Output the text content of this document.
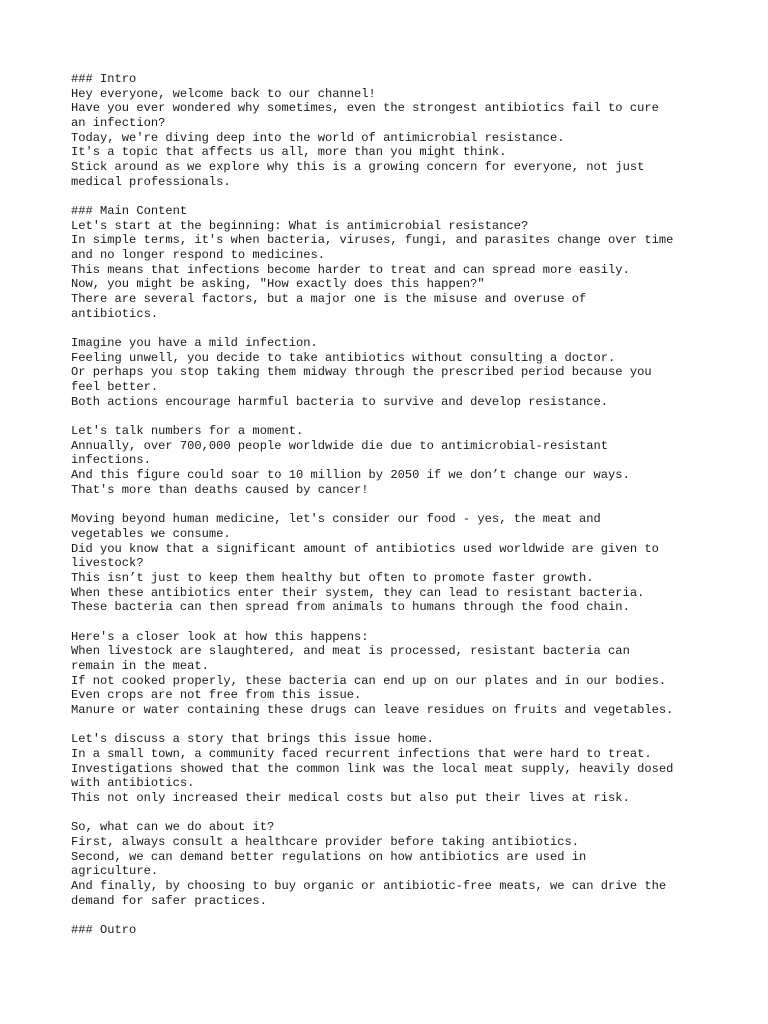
### Intro
Hey everyone, welcome back to our channel!
Have you ever wondered why sometimes, even the strongest antibiotics fail to cure
an infection?
Today, we're diving deep into the world of antimicrobial resistance.
It's a topic that affects us all, more than you might think.
Stick around as we explore why this is a growing concern for everyone, not just
medical professionals.
### Main Content
Let's start at the beginning: What is antimicrobial resistance?
In simple terms, it's when bacteria, viruses, fungi, and parasites change over time
and no longer respond to medicines.
This means that infections become harder to treat and can spread more easily.
Now, you might be asking, "How exactly does this happen?"
There are several factors, but a major one is the misuse and overuse of
antibiotics.
Imagine you have a mild infection.
Feeling unwell, you decide to take antibiotics without consulting a doctor.
Or perhaps you stop taking them midway through the prescribed period because you
feel better.
Both actions encourage harmful bacteria to survive and develop resistance.
Let's talk numbers for a moment.
Annually, over 700,000 people worldwide die due to antimicrobial-resistant
infections.
And this figure could soar to 10 million by 2050 if we don’t change our ways.
That's more than deaths caused by cancer!
Moving beyond human medicine, let's consider our food - yes, the meat and
vegetables we consume.
Did you know that a significant amount of antibiotics used worldwide are given to
livestock?
This isn’t just to keep them healthy but often to promote faster growth.
When these antibiotics enter their system, they can lead to resistant bacteria.
These bacteria can then spread from animals to humans through the food chain.
Here's a closer look at how this happens:
When livestock are slaughtered, and meat is processed, resistant bacteria can
remain in the meat.
If not cooked properly, these bacteria can end up on our plates and in our bodies.
Even crops are not free from this issue.
Manure or water containing these drugs can leave residues on fruits and vegetables.
Let's discuss a story that brings this issue home.
In a small town, a community faced recurrent infections that were hard to treat.
Investigations showed that the common link was the local meat supply, heavily dosed
with antibiotics.
This not only increased their medical costs but also put their lives at risk.
So, what can we do about it?
First, always consult a healthcare provider before taking antibiotics.
Second, we can demand better regulations on how antibiotics are used in
agriculture.
And finally, by choosing to buy organic or antibiotic-free meats, we can drive the
demand for safer practices.
### Outro
